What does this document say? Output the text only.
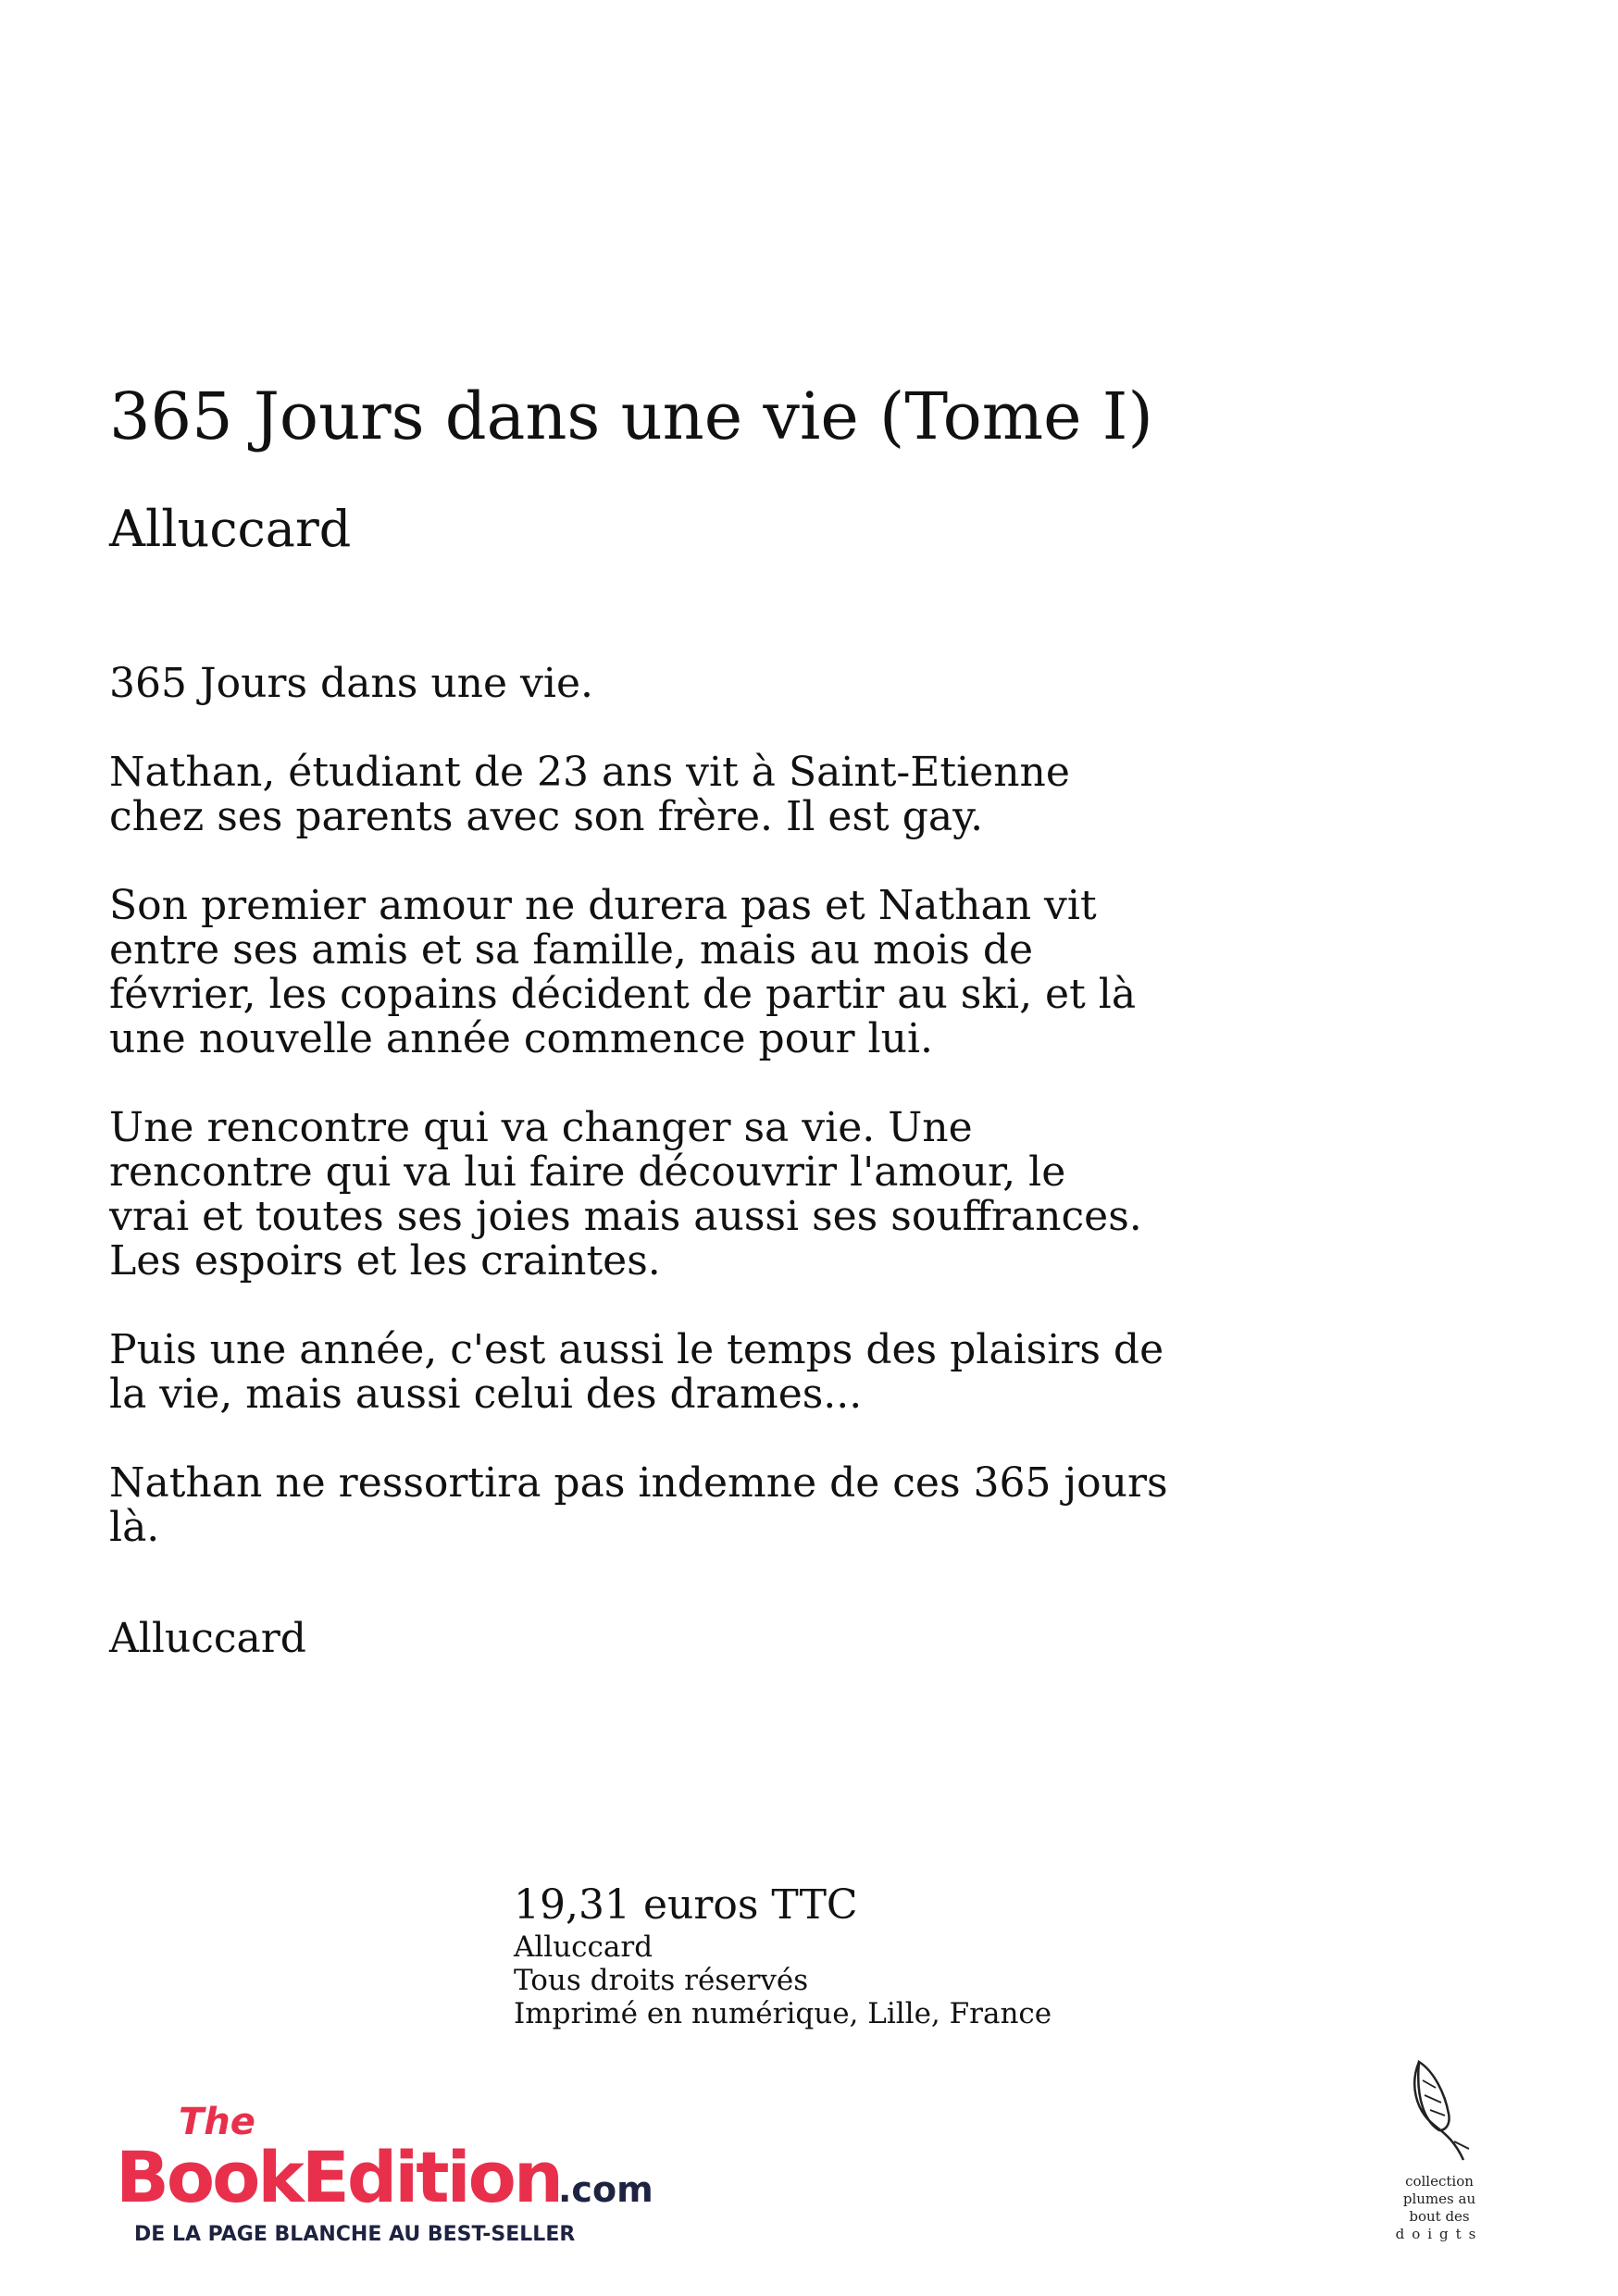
365 Jours dans une vie (Tome I)
Alluccard

365 Jours dans une vie.

Nathan, étudiant de 23 ans vit à Saint-Etienne
chez ses parents avec son frère. Il est gay.

Son premier amour ne durera pas et Nathan vit
entre ses amis et sa famille, mais au mois de
février, les copains décident de partir au ski, et là
une nouvelle année commence pour lui.

Une rencontre qui va changer sa vie. Une
rencontre qui va lui faire découvrir l'amour, le
vrai et toutes ses joies mais aussi ses souffrances.
Les espoirs et les craintes.

Puis une année, c'est aussi le temps des plaisirs de
la vie, mais aussi celui des drames...

Nathan ne ressortira pas indemne de ces 365 jours
là.

Alluccard

19,31 euros TTC
Alluccard
Tous droits réservés
Imprimé en numérique, Lille, France
The
BookEdition
.com
DE LA PAGE BLANCHE AU BEST-SELLER
collection
plumes au
bout des
doigts
